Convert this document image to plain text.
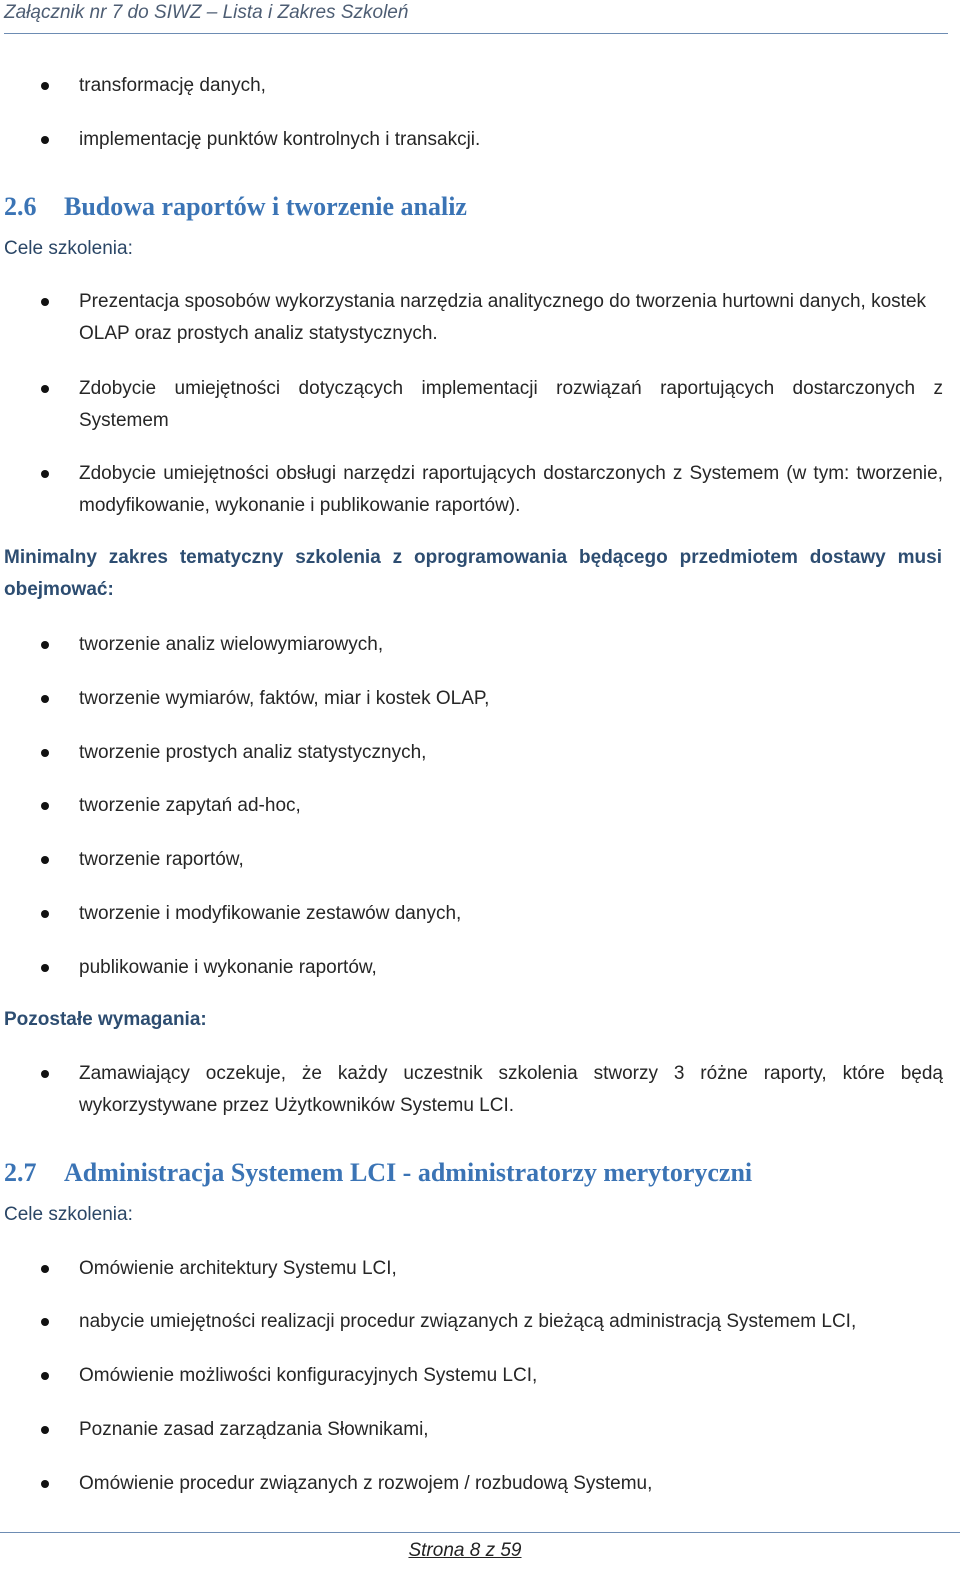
Załącznik nr 7 do SIWZ – Lista i Zakres Szkoleń
transformację danych,
implementację punktów kontrolnych i transakcji.
2.6 Budowa raportów i tworzenie analiz
Cele szkolenia:
Prezentacja sposobów wykorzystania narzędzia analitycznego do tworzenia hurtowni danych, kostek OLAP oraz prostych analiz statystycznych.
Zdobycie umiejętności dotyczących implementacji rozwiązań raportujących dostarczonych z Systemem
Zdobycie umiejętności obsługi narzędzi raportujących dostarczonych z Systemem (w tym: tworzenie, modyfikowanie, wykonanie i publikowanie raportów).
Minimalny zakres tematyczny szkolenia z oprogramowania będącego przedmiotem dostawy musi obejmować:
tworzenie analiz wielowymiarowych,
tworzenie wymiarów, faktów, miar i kostek OLAP,
tworzenie prostych analiz statystycznych,
tworzenie zapytań ad-hoc,
tworzenie raportów,
tworzenie i modyfikowanie zestawów danych,
publikowanie i wykonanie raportów,
Pozostałe wymagania:
Zamawiający oczekuje, że każdy uczestnik szkolenia stworzy 3 różne raporty, które będą wykorzystywane przez Użytkowników Systemu LCI.
2.7 Administracja Systemem LCI - administratorzy merytoryczni
Cele szkolenia:
Omówienie architektury Systemu LCI,
nabycie umiejętności realizacji procedur związanych z bieżącą administracją Systemem LCI,
Omówienie możliwości konfiguracyjnych Systemu LCI,
Poznanie zasad zarządzania Słownikami,
Omówienie procedur związanych z rozwojem / rozbudową Systemu,
Strona 8 z 59
